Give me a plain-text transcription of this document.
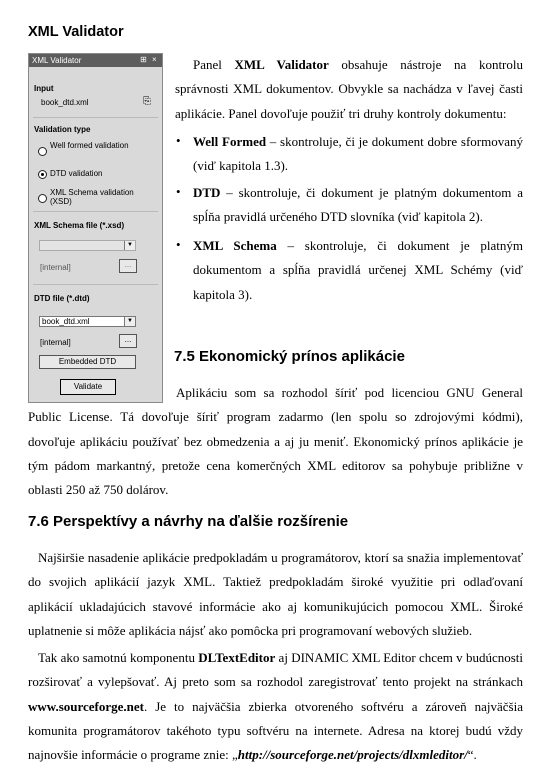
XML Validator
XML Validator	⊞ ×
Input
book_dtd.xml	⎘
Validation type
Well formed validation
DTD validation
XML Schema validation (XSD)
XML Schema file (*.xsd)
▼
[internal]	...
DTD file (*.dtd)
book_dtd.xml	▼
[internal]	...
Embedded DTD
Validate
Panel XML Validator obsahuje nástroje na kontrolu správnosti XML dokumentov. Obvykle sa nachádza v ľavej časti aplikácie. Panel dovoľuje použiť tri druhy kontroly dokumentu:
• Well Formed – skontroluje, či je dokument dobre sformovaný (viď kapitola 1.3).
• DTD – skontroluje, či dokument je platným dokumentom a spĺňa pravidlá určeného DTD slovníka (viď kapitola 2).
• XML Schema – skontroluje, či dokument je platným dokumentom a spĺňa pravidlá určenej XML Schémy (viď kapitola 3).
7.5 Ekonomický prínos aplikácie
Aplikáciu som sa rozhodol šíriť pod licenciou GNU General Public License. Tá dovoľuje šíriť program zadarmo (len spolu so zdrojovými kódmi), dovoľuje aplikáciu používať bez obmedzenia a aj ju meniť. Ekonomický prínos aplikácie je tým pádom markantný, pretože cena komerčných XML editorov sa pohybuje približne v oblasti 250 až 750 dolárov.
7.6 Perspektívy a návrhy na ďalšie rozšírenie
Najširšie nasadenie aplikácie predpokladám u programátorov, ktorí sa snažia implementovať do svojich aplikácií jazyk XML. Taktiež predpokladám široké využitie pri odlaďovaní aplikácií ukladajúcich stavové informácie ako aj komunikujúcich pomocou XML. Široké uplatnenie si môže aplikácia nájsť ako pomôcka pri programovaní webových služieb.
Tak ako samotnú komponentu DLTextEditor aj DINAMIC XML Editor chcem v budúcnosti rozširovať a vylepšovať. Aj preto som sa rozhodol zaregistrovať tento projekt na stránkach www.sourceforge.net. Je to najväčšia zbierka otvoreného softvéru a zároveň najväčšia komunita programátorov takéhoto typu softvéru na internete. Adresa na ktorej budú vždy najnovšie informácie o programe znie: „http://sourceforge.net/projects/dlxmleditor/“.
